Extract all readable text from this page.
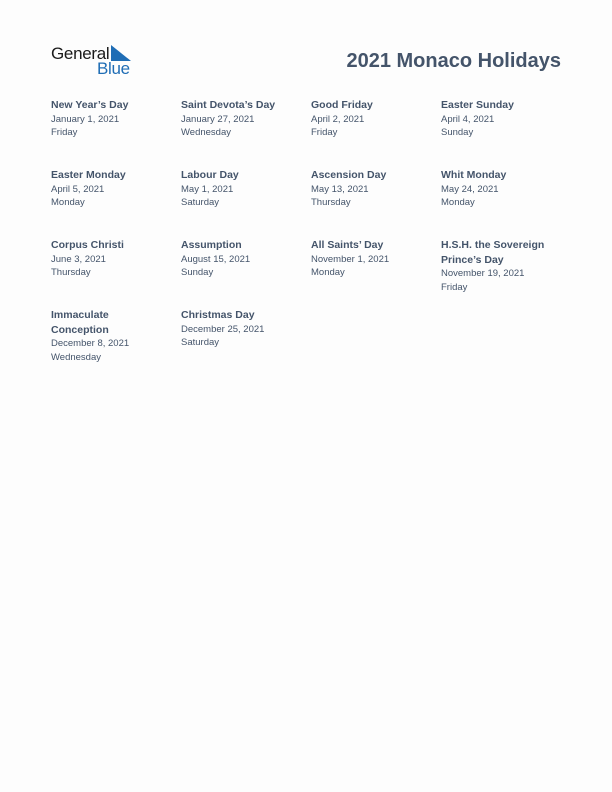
General
Blue	2021 Monaco Holidays
New Year’s Day
January 1, 2021
Friday
Saint Devota’s Day
January 27, 2021
Wednesday
Good Friday
April 2, 2021
Friday
Easter Sunday
April 4, 2021
Sunday
Easter Monday
April 5, 2021
Monday
Labour Day
May 1, 2021
Saturday
Ascension Day
May 13, 2021
Thursday
Whit Monday
May 24, 2021
Monday
Corpus Christi
June 3, 2021
Thursday
Assumption
August 15, 2021
Sunday
All Saints’ Day
November 1, 2021
Monday
H.S.H. the Sovereign Prince’s Day
November 19, 2021
Friday
Immaculate Conception
December 8, 2021
Wednesday
Christmas Day
December 25, 2021
Saturday
